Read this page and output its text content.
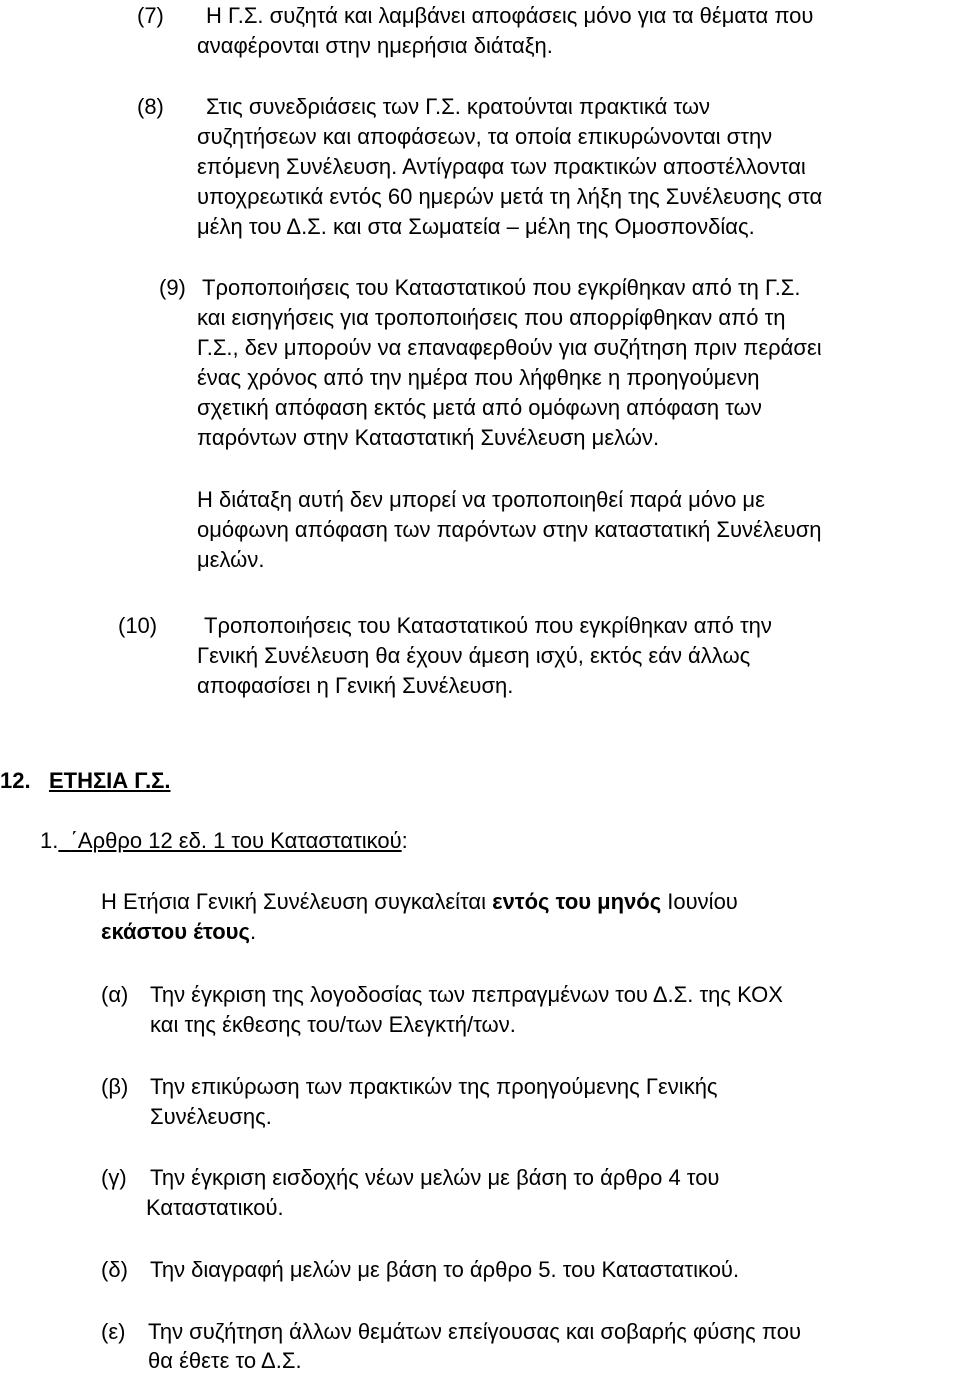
(7) Η Γ.Σ. συζητά και λαμβάνει αποφάσεις μόνο για τα θέματα που
αναφέρονται στην ημερήσια διάταξη.
(8) Στις συνεδριάσεις των Γ.Σ. κρατούνται πρακτικά των
συζητήσεων και αποφάσεων, τα οποία επικυρώνονται στην
επόμενη Συνέλευση. Αντίγραφα των πρακτικών αποστέλλονται
υποχρεωτικά εντός 60 ημερών μετά τη λήξη της Συνέλευσης στα
μέλη του Δ.Σ. και στα Σωματεία – μέλη της Ομοσπονδίας.
(9) Τροποποιήσεις του Καταστατικού που εγκρίθηκαν από τη Γ.Σ.
και εισηγήσεις για τροποποιήσεις που απορρίφθηκαν από τη
Γ.Σ., δεν μπορούν να επαναφερθούν για συζήτηση πριν περάσει
ένας χρόνος από την ημέρα που λήφθηκε η προηγούμενη
σχετική απόφαση εκτός μετά από ομόφωνη απόφαση των
παρόντων στην Καταστατική Συνέλευση μελών.
Η διάταξη αυτή δεν μπορεί να τροποποιηθεί παρά μόνο με
ομόφωνη απόφαση των παρόντων στην καταστατική Συνέλευση
μελών.
(10) Τροποποιήσεις του Καταστατικού που εγκρίθηκαν από την
Γενική Συνέλευση θα έχουν άμεση ισχύ, εκτός εάν άλλως
αποφασίσει η Γενική Συνέλευση.
12. ΕΤΗΣΙΑ Γ.Σ.
1. ΄Αρθρο 12 εδ. 1 του Καταστατικού:
Η Ετήσια Γενική Συνέλευση συγκαλείται εντός του μηνός Ιουνίου
εκάστου έτους.
(α) Την έγκριση της λογοδοσίας των πεπραγμένων του Δ.Σ. της ΚΟΧ
και της έκθεσης του/των Ελεγκτή/των.
(β) Την επικύρωση των πρακτικών της προηγούμενης Γενικής
Συνέλευσης.
(γ) Την έγκριση εισδοχής νέων μελών με βάση το άρθρο 4 του
Καταστατικού.
(δ) Την διαγραφή μελών με βάση το άρθρο 5. του Καταστατικού.
(ε) Την συζήτηση άλλων θεμάτων επείγουσας και σοβαρής φύσης που
θα έθετε το Δ.Σ.
